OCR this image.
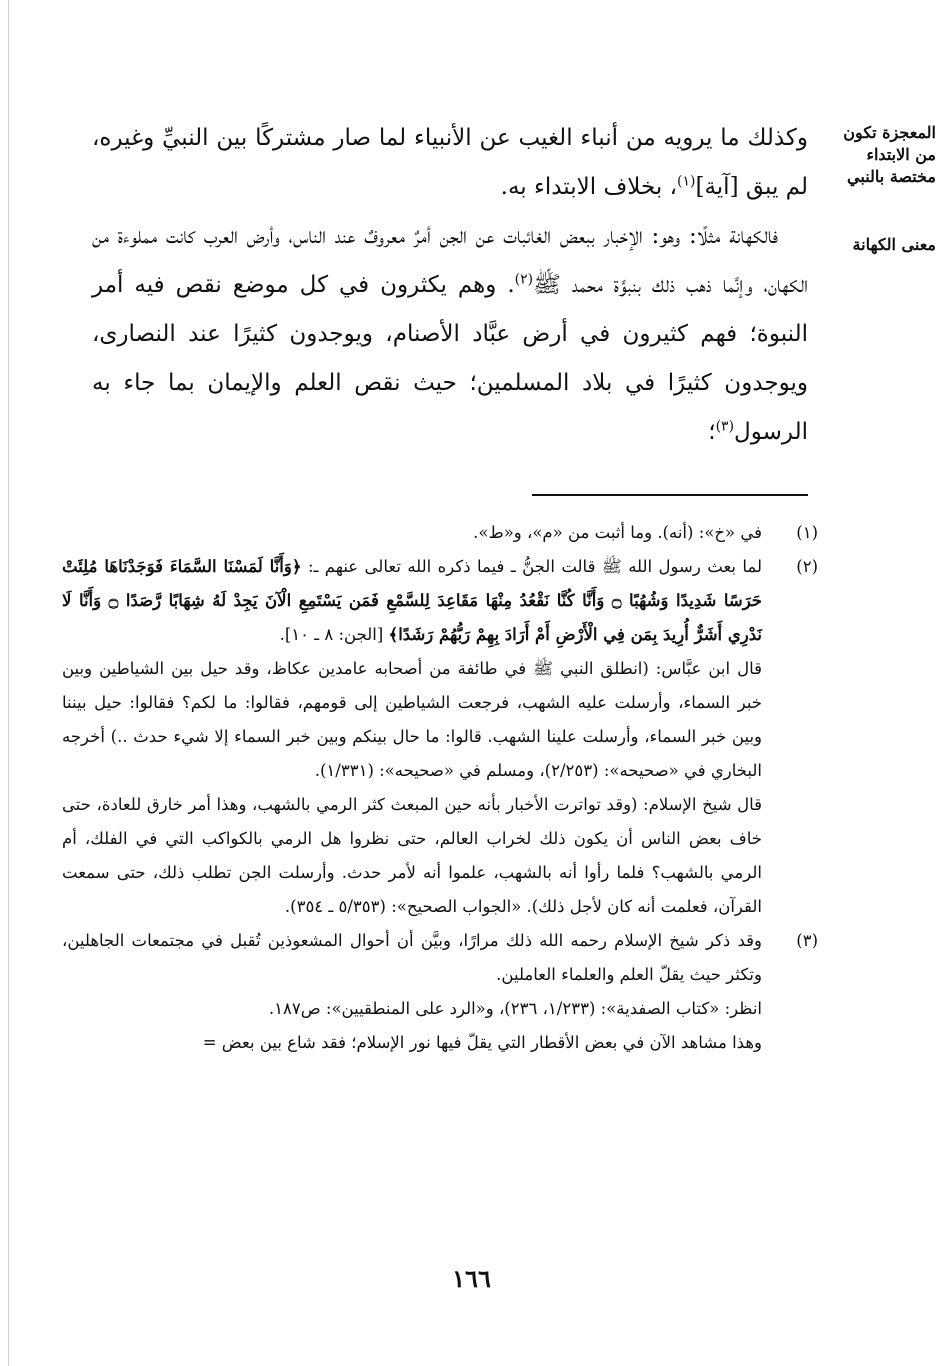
المعجزة تكون من الابتداء مختصة بالنبي
معنى الكهانة

وكذلك ما يرويه من أنباء الغيب عن الأنبياء لما صار مشتركًا بين النبيِّ وغيره، لم يبق [آية]$^{(١)}$، بخلاف الابتداء به.

فالكهانة مثلًا: وهو: الإخبار ببعض الغائبات عن الجن أمرٌ معروفٌ عند الناس، وأرض العرب كانت مملوءة من الكهان، وإنَّما ذهب ذلك بنبوَّة محمد ﷺ$^{(٢)}$. وهم يكثرون في كل موضع نقص فيه أمر النبوة؛ فهم كثيرون في أرض عبَّاد الأصنام، ويوجدون كثيرًا عند النصارى، ويوجدون كثيرًا في بلاد المسلمين؛ حيث نقص العلم والإيمان بما جاء به الرسول$^{(٣)}$؛

(١)

في «خ»: (أنه). وما أثبت من «م»، و«ط».

(٢)

لما بعث رسول الله ﷺ قالت الجنُّ ـ فيما ذكره الله تعالى عنهم ـ: ﴿وَأَنَّا لَمَسْنَا السَّمَاءَ فَوَجَدْنَاهَا مُلِئَتْ حَرَسًا شَدِيدًا وَشُهُبًا ۝ وَأَنَّا كُنَّا نَقْعُدُ مِنْهَا مَقَاعِدَ لِلسَّمْعِ فَمَن يَسْتَمِعِ الْآنَ يَجِدْ لَهُ شِهَابًا رَّصَدًا ۝ وَأَنَّا لَا نَدْرِي أَشَرٌّ أُرِيدَ بِمَن فِي الْأَرْضِ أَمْ أَرَادَ بِهِمْ رَبُّهُمْ رَشَدًا﴾ [الجن: ٨ ـ ١٠].

قال ابن عبَّاس: (انطلق النبي ﷺ في طائفة من أصحابه عامدين عكاظ، وقد حيل بين الشياطين وبين خبر السماء، وأرسلت عليه الشهب، فرجعت الشياطين إلى قومهم، فقالوا: ما لكم؟ فقالوا: حيل بيننا وبين خبر السماء، وأرسلت علينا الشهب. قالوا: ما حال بينكم وبين خبر السماء إلا شيء حدث ..) أخرجه البخاري في «صحيحه»: (٢/٢٥٣)، ومسلم في «صحيحه»: (١/٣٣١).

قال شيخ الإسلام: (وقد تواترت الأخبار بأنه حين المبعث كثر الرمي بالشهب، وهذا أمر خارق للعادة، حتى خاف بعض الناس أن يكون ذلك لخراب العالم، حتى نظروا هل الرمي بالكواكب التي في الفلك، أم الرمي بالشهب؟ فلما رأوا أنه بالشهب، علموا أنه لأمر حدث. وأرسلت الجن تطلب ذلك، حتى سمعت القرآن، فعلمت أنه كان لأجل ذلك). «الجواب الصحيح»: (٥/٣٥٣ ـ ٣٥٤).

(٣)

وقد ذكر شيخ الإسلام رحمه الله ذلك مرارًا، وبيَّن أن أحوال المشعوذين تُقبل في مجتمعات الجاهلين، وتكثر حيث يقلّ العلم والعلماء العاملين.

انظر: «كتاب الصفدية»: (١/٢٣٣، ٢٣٦)، و«الرد على المنطقيين»: ص١٨٧.

وهذا مشاهد الآن في بعض الأقطار التي يقلّ فيها نور الإسلام؛ فقد شاع بين بعض =

١٦٦
